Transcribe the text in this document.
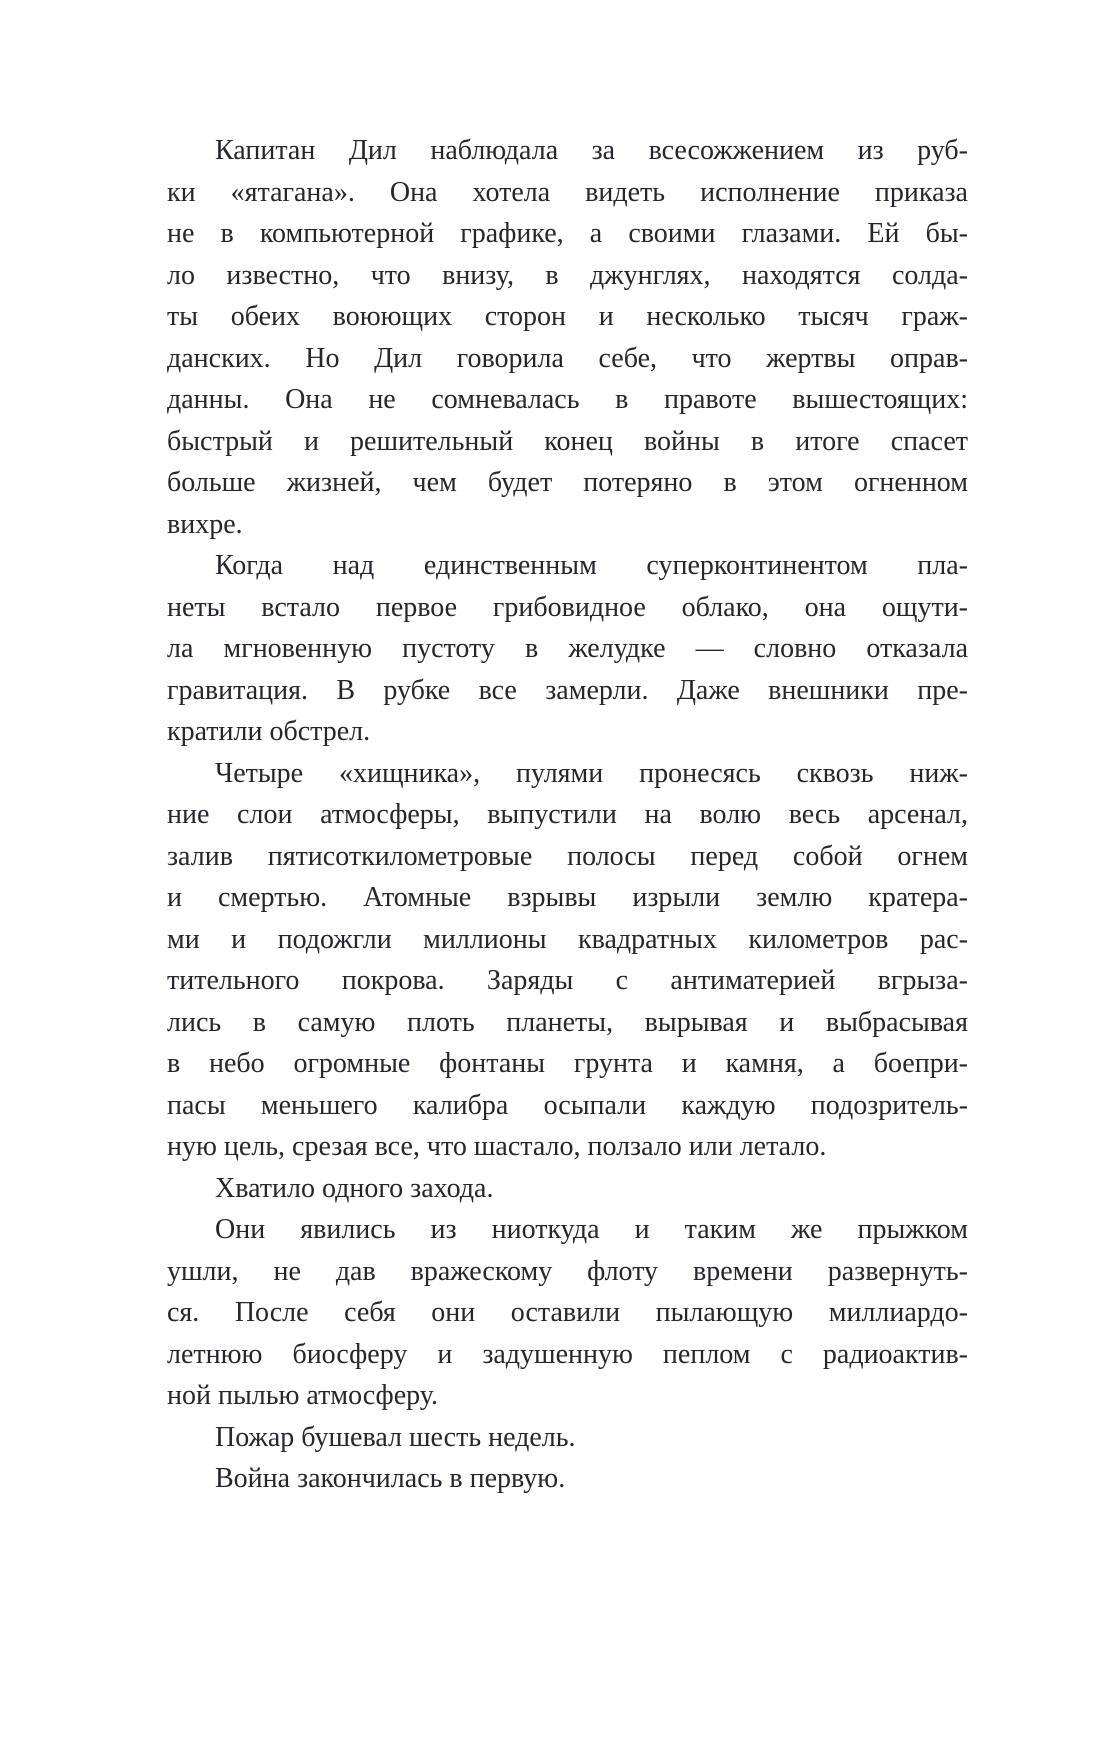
Капитан Дил наблюдала за всесожжением из руб-
ки «ятагана». Она хотела видеть исполнение приказа
не в компьютерной графике, а своими глазами. Ей бы-
ло известно, что внизу, в джунглях, находятся солда-
ты обеих воюющих сторон и несколько тысяч граж-
данских. Но Дил говорила себе, что жертвы оправ-
данны. Она не сомневалась в правоте вышестоящих:
быстрый и решительный конец войны в итоге спасет
больше жизней, чем будет потеряно в этом огненном
вихре.
Когда над единственным суперконтинентом пла-
неты встало первое грибовидное облако, она ощути-
ла мгновенную пустоту в желудке — словно отказала
гравитация. В рубке все замерли. Даже внешники пре-
кратили обстрел.
Четыре «хищника», пулями пронесясь сквозь ниж-
ние слои атмосферы, выпустили на волю весь арсенал,
залив пятисоткилометровые полосы перед собой огнем
и смертью. Атомные взрывы изрыли землю кратера-
ми и подожгли миллионы квадратных километров рас-
тительного покрова. Заряды с антиматерией вгрыза-
лись в самую плоть планеты, вырывая и выбрасывая
в небо огромные фонтаны грунта и камня, а боепри-
пасы меньшего калибра осыпали каждую подозритель-
ную цель, срезая все, что шастало, ползало или летало.
Хватило одного захода.
Они явились из ниоткуда и таким же прыжком
ушли, не дав вражескому флоту времени развернуть-
ся. После себя они оставили пылающую миллиардо-
летнюю биосферу и задушенную пеплом с радиоактив-
ной пылью атмосферу.
Пожар бушевал шесть недель.
Война закончилась в первую.
